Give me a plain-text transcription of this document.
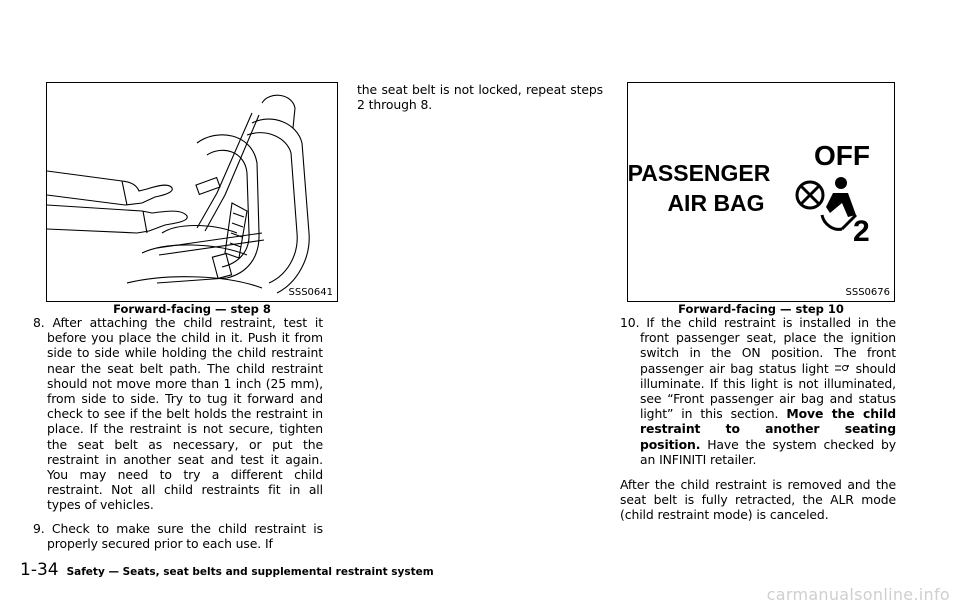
SSS0641
Forward-facing — step 8
PASSENGER
AIR BAG
OFF
2
SSS0676
Forward-facing — step 10

8. After attaching the child restraint, test it before you place the child in it. Push it from side to side while holding the child restraint near the seat belt path. The child restraint should not move more than 1 inch (25 mm), from side to side. Try to tug it forward and check to see if the belt holds the restraint in place. If the restraint is not secure, tighten the seat belt as necessary, or put the restraint in another seat and test it again. You may need to try a different child restraint. Not all child restraints fit in all types of vehicles.

9. Check to make sure the child restraint is properly secured prior to each use. If

the seat belt is not locked, repeat steps 2 through 8.

10. If the child restraint is installed in the front passenger seat, place the ignition switch in the ON position. The front passenger air bag status light should illuminate. If this light is not illuminated, see “Front passenger air bag and status light” in this section. Move the child restraint to another seating position. Have the system checked by an INFINITI retailer.

After the child restraint is removed and the seat belt is fully retracted, the ALR mode (child restraint mode) is canceled.

1-34 Safety — Seats, seat belts and supplemental restraint system
carmanualsonline.info
